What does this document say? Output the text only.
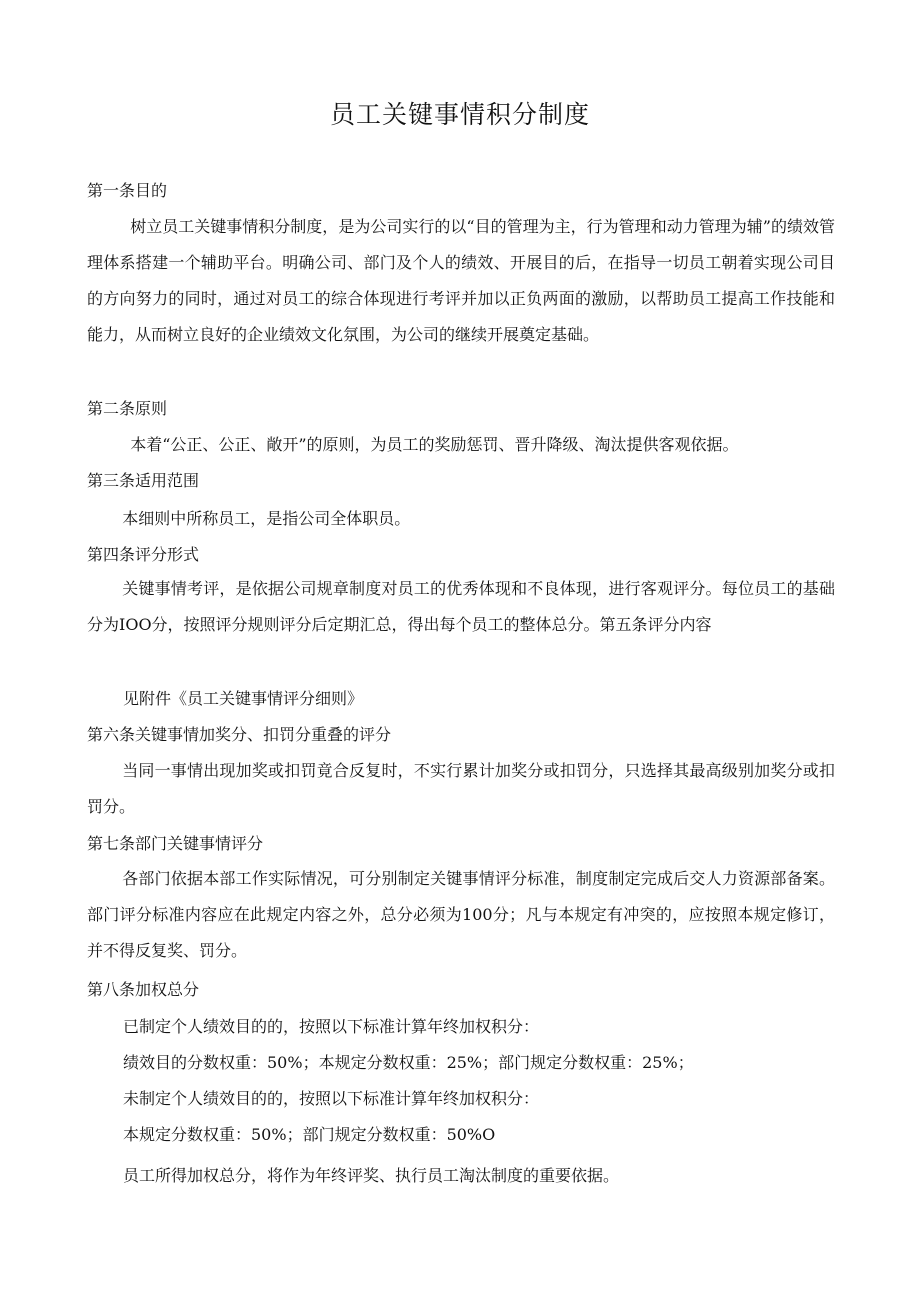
员工关键事情积分制度
第一条目的

树立员工关键事情积分制度，是为公司实行的以“目的管理为主，行为管理和动力管理为辅”的绩效管理体系搭建一个辅助平台。明确公司、部门及个人的绩效、开展目的后，在指导一切员工朝着实现公司目的方向努力的同时，通过对员工的综合体现进行考评并加以正负两面的激励，以帮助员工提高工作技能和能力，从而树立良好的企业绩效文化氛围，为公司的继续开展奠定基础。

第二条原则

本着“公正、公正、敞开”的原则，为员工的奖励惩罚、晋升降级、淘汰提供客观依据。

第三条适用范围

本细则中所称员工，是指公司全体职员。

第四条评分形式

关键事情考评，是依据公司规章制度对员工的优秀体现和不良体现，进行客观评分。每位员工的基础分为IOO分，按照评分规则评分后定期汇总，得出每个员工的整体总分。第五条评分内容

见附件《员工关键事情评分细则》
第六条关键事情加奖分、扣罚分重叠的评分

当同一事情出现加奖或扣罚竟合反复时，不实行累计加奖分或扣罚分，只选择其最高级别加奖分或扣罚分。

第七条部门关键事情评分

各部门依据本部工作实际情况，可分别制定关键事情评分标准，制度制定完成后交人力资源部备案。部门评分标准内容应在此规定内容之外，总分必须为100分；凡与本规定有冲突的，应按照本规定修订，并不得反复奖、罚分。

第八条加权总分
已制定个人绩效目的的，按照以下标准计算年终加权积分：
绩效目的分数权重：50%；本规定分数权重：25%；部门规定分数权重：25%；
未制定个人绩效目的的，按照以下标准计算年终加权积分：
本规定分数权重：50%；部门规定分数权重：50%O
员工所得加权总分，将作为年终评奖、执行员工淘汰制度的重要依据。
